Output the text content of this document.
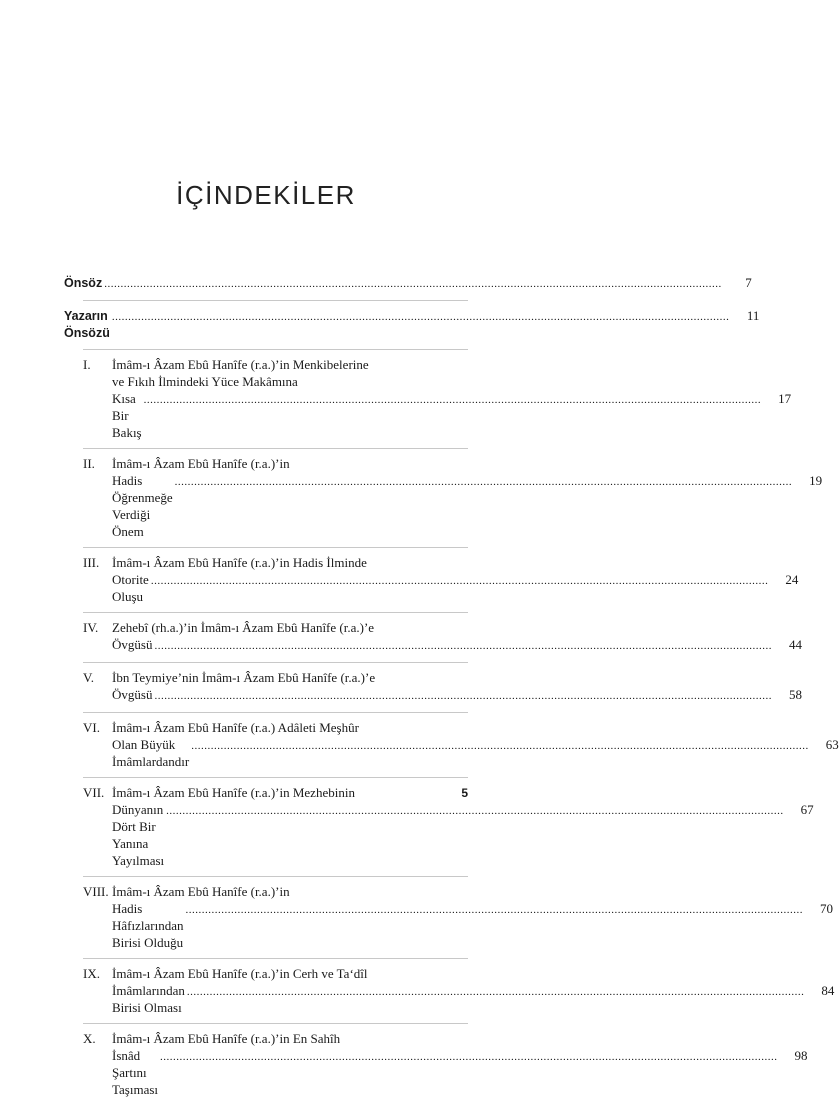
İÇİNDEKİLER
Önsöz ..............................................................................................................................................................................................	7
Yazarın Önsözü
..............................................................................................................................................................................................	11
I. İmâm-ı Âzam Ebû Hanîfe (r.a.)’in Menkibelerine
ve Fıkıh İlmindeki Yüce Makâmına
Kısa Bir Bakış
..............................................................................................................................................................................................	17
II. İmâm-ı Âzam Ebû Hanîfe (r.a.)’in
Hadis Öğrenmeğe Verdiği Önem
..............................................................................................................................................................................................	19
III. İmâm-ı Âzam Ebû Hanîfe (r.a.)’in Hadis İlminde
Otorite Oluşu
..............................................................................................................................................................................................	24
IV. Zehebî (rh.a.)’in İmâm-ı Âzam Ebû Hanîfe (r.a.)’e
Övgüsü ..............................................................................................................................................................................................	44
V. İbn Teymiye’nin İmâm-ı Âzam Ebû Hanîfe (r.a.)’e
Övgüsü ..............................................................................................................................................................................................	58
VI. İmâm-ı Âzam Ebû Hanîfe (r.a.) Adâleti Meşhûr
Olan Büyük İmâmlardandır
..............................................................................................................................................................................................	63
VII. İmâm-ı Âzam Ebû Hanîfe (r.a.)’in Mezhebinin
Dünyanın Dört Bir Yanına Yayılması
..............................................................................................................................................................................................	67
VIII. İmâm-ı Âzam Ebû Hanîfe (r.a.)’in
Hadis Hâfızlarından Birisi Olduğu
..............................................................................................................................................................................................	70
IX. İmâm-ı Âzam Ebû Hanîfe (r.a.)’in Cerh ve Ta‘dîl
İmâmlarından Birisi Olması
..............................................................................................................................................................................................	84
X. İmâm-ı Âzam Ebû Hanîfe (r.a.)’in En Sahîh
İsnâd Şartını Taşıması
..............................................................................................................................................................................................	98
5
